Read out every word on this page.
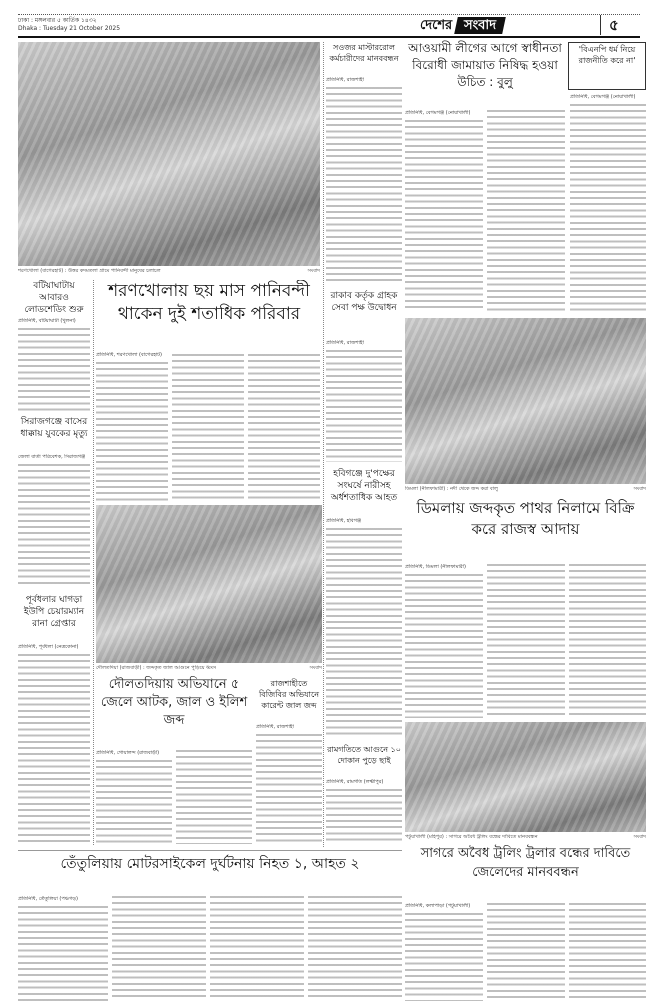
ঢাকা : মঙ্গলবার ৫ কার্তিক ১৪৩২
Dhaka : Tuesday 21 October 2025	দেশের সংবাদ	৫
শরণখোলা (বাগেরহাট) : উত্তর কদমতলা গ্রামে পানিবন্দী মানুষের চলাচল	সংবাদ
বটিয়াঘাটায় আবারও লোডশেডিং শুরু
প্রতিনিধি, বটিয়াঘাটা (খুলনা)
সিরাজগঞ্জে বাসের ধাক্কায় যুবকের মৃত্যু
জেলা বার্তা পরিবেশক, সিরাজগঞ্জ
পূর্বধলার ঘাগড়া ইউপি চেয়ারম্যান রানা গ্রেপ্তার
প্রতিনিধি, পূর্বধলা (নেত্রকোনা)
শরণখোলায় ছয় মাস পানিবন্দী থাকেন দুই শতাধিক পরিবার
প্রতিনিধি, শরণখোলা (বাগেরহাট)
দৌলতদিয়া (রাজবাড়ী) : জব্দকৃত জাল আগুনে পুড়িয়ে ধ্বংস	সংবাদ
দৌলতদিয়ায় অভিযানে ৫ জেলে আটক, জাল ও ইলিশ জব্দ
প্রতিনিধি, গোয়ালন্দ (রাজবাড়ী)
রাজশাহীতে বিজিবির অভিযানে কারেন্ট জাল জব্দ
প্রতিনিধি, রাজশাহী
সওজর মাস্টাররোল কর্মচারীদের মানববন্ধন
প্রতিনিধি, রাজশাহী
আওয়ামী লীগের আগে স্বাধীনতা বিরোধী জামায়াত নিষিদ্ধ হওয়া উচিত : বুলু
প্রতিনিধি, বেগমগঞ্জ (নোয়াখালী)
'বিএনপি ধর্ম নিয়ে রাজনীতি করে না'
প্রতিনিধি, বেগমগঞ্জ (নোয়াখালী)
রাকাব কর্তৃক গ্রাহক সেবা পক্ষ উদ্বোধন
প্রতিনিধি, রাজশাহী
ডিমলা (নীলফামারী) : নদী থেকে জব্দ করা বালু	সংবাদ
হবিগঞ্জে দু'পক্ষের সংঘর্ষে নারীসহ অর্ধশতাধিক আহত
প্রতিনিধি, হবিগঞ্জ
ডিমলায় জব্দকৃত পাথর নিলামে বিক্রি করে রাজস্ব আদায়
প্রতিনিধি, ডিমলা (নীলফামারী)
রামগতিতে আগুনে ১০ দোকান পুড়ে ছাই
প্রতিনিধি, রামগতি (লক্ষ্মীপুর)
পটুয়াখালী (মহিপুর) : সাগরে অবৈধ ট্রলিং বন্ধের দাবিতে মানববন্ধন	সংবাদ
সাগরে অবৈধ ট্রলিং ট্রলার বন্ধের দাবিতে জেলেদের মানববন্ধন
প্রতিনিধি, কলাপাড়া (পটুয়াখালী)
তেঁতুলিয়ায় মোটরসাইকেল দুর্ঘটনায় নিহত ১, আহত ২
প্রতিনিধি, তেঁতুলিয়া (পঞ্চগড়)
